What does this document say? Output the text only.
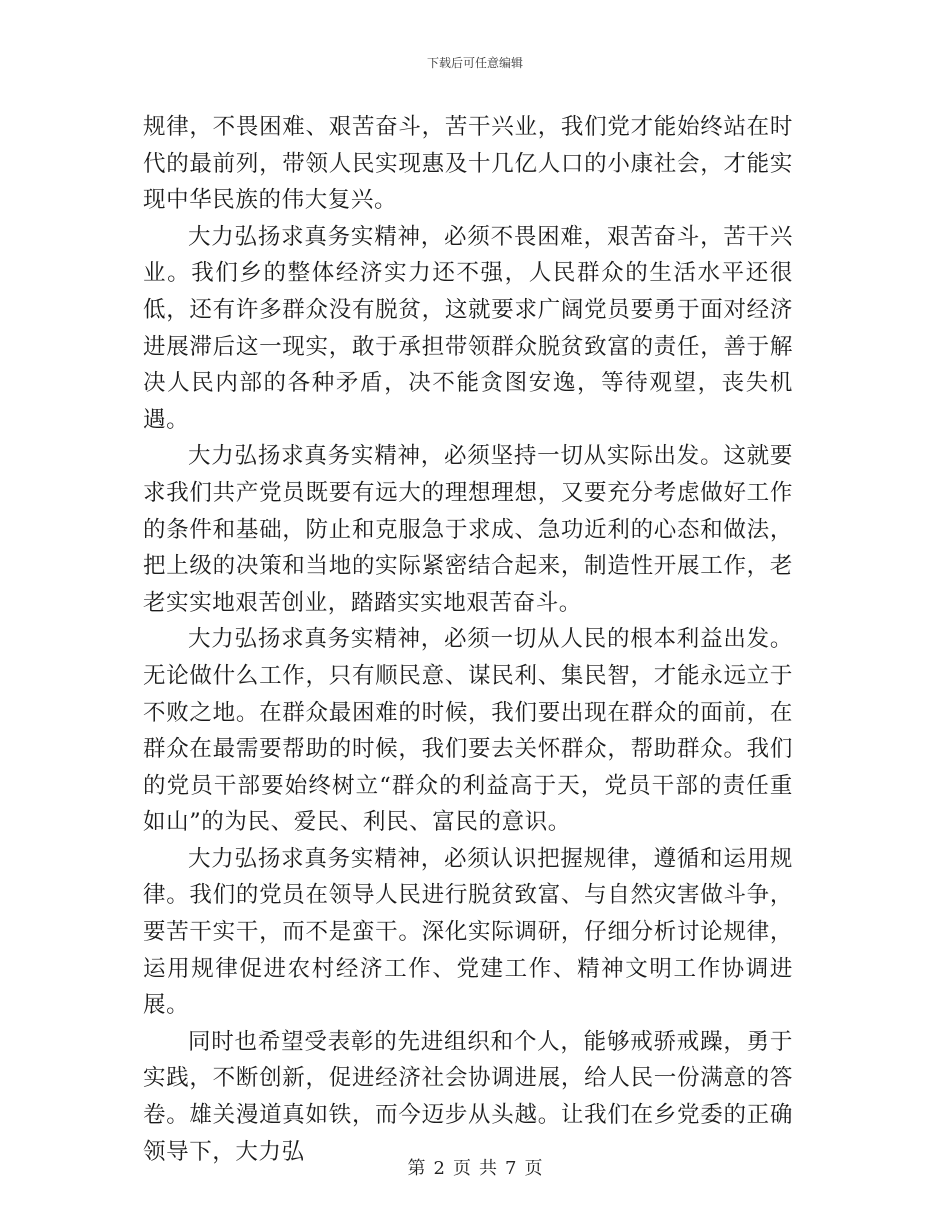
下载后可任意编辑

规律，不畏困难、艰苦奋斗，苦干兴业，我们党才能始终站在时代的最前列，带领人民实现惠及十几亿人口的小康社会，才能实现中华民族的伟大复兴。

大力弘扬求真务实精神，必须不畏困难，艰苦奋斗，苦干兴业。我们乡的整体经济实力还不强，人民群众的生活水平还很低，还有许多群众没有脱贫，这就要求广阔党员要勇于面对经济进展滞后这一现实，敢于承担带领群众脱贫致富的责任，善于解决人民内部的各种矛盾，决不能贪图安逸，等待观望，丧失机遇。

大力弘扬求真务实精神，必须坚持一切从实际出发。这就要求我们共产党员既要有远大的理想理想，又要充分考虑做好工作的条件和基础，防止和克服急于求成、急功近利的心态和做法，把上级的决策和当地的实际紧密结合起来，制造性开展工作，老老实实地艰苦创业，踏踏实实地艰苦奋斗。

大力弘扬求真务实精神，必须一切从人民的根本利益出发。无论做什么工作，只有顺民意、谋民利、集民智，才能永远立于不败之地。在群众最困难的时候，我们要出现在群众的面前，在群众在最需要帮助的时候，我们要去关怀群众，帮助群众。我们的党员干部要始终树立“群众的利益高于天，党员干部的责任重如山”的为民、爱民、利民、富民的意识。

大力弘扬求真务实精神，必须认识把握规律，遵循和运用规律。我们的党员在领导人民进行脱贫致富、与自然灾害做斗争，要苦干实干，而不是蛮干。深化实际调研，仔细分析讨论规律，运用规律促进农村经济工作、党建工作、精神文明工作协调进展。

同时也希望受表彰的先进组织和个人，能够戒骄戒躁，勇于实践，不断创新，促进经济社会协调进展，给人民一份满意的答卷。雄关漫道真如铁，而今迈步从头越。让我们在乡党委的正确领导下，大力弘

第 2 页 共 7 页
